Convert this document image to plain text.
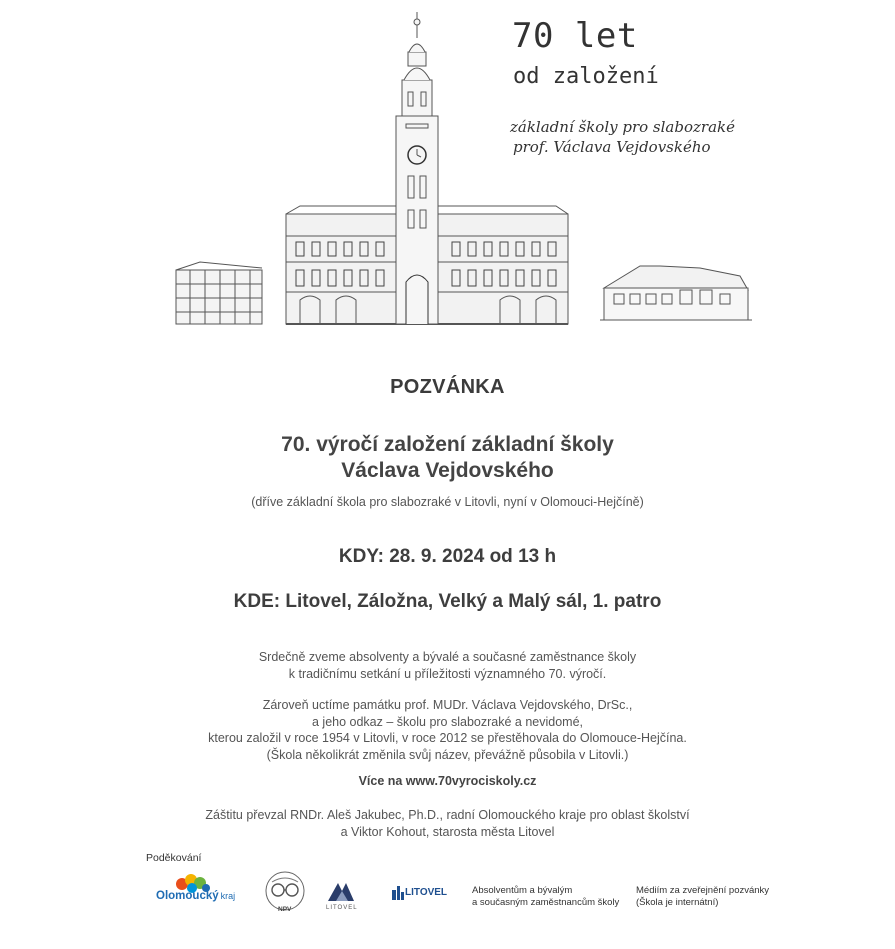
70 let
od založení
základní školy pro slabozraké
prof. Václava Vejdovského
POZVÁNKA
70. výročí založení základní školy
Václava Vejdovského
(dříve základní škola pro slabozraké v Litovli, nyní v Olomouci-Hejčíně)
KDY: 28. 9. 2024 od 13 h
KDE: Litovel, Záložna, Velký a Malý sál, 1. patro
Srdečně zveme absolventy a bývalé a současné zaměstnance školy
k tradičnímu setkání u příležitosti významného 70. výročí.
Zároveň uctíme památku prof. MUDr. Václava Vejdovského, DrSc.,
a jeho odkaz – školu pro slabozraké a nevidomé,
kterou založil v roce 1954 v Litovli, v roce 2012 se přestěhovala do Olomouce-Hejčína.
(Škola několikrát změnila svůj název, převážně působila v Litovli.)
Více na www.70vyrociskoly.cz
Záštitu převzal RNDr. Aleš Jakubec, Ph.D., radní Olomouckého kraje pro oblast školství
a Viktor Kohout, starosta města Litovel
Poděkování
Olomoucký kraj
NPV	LITOVEL
LITOVEL	Absolventům a bývalým
a současným zaměstnancům školy
Médiím za zveřejnění pozvánky
(Škola je internátní)
